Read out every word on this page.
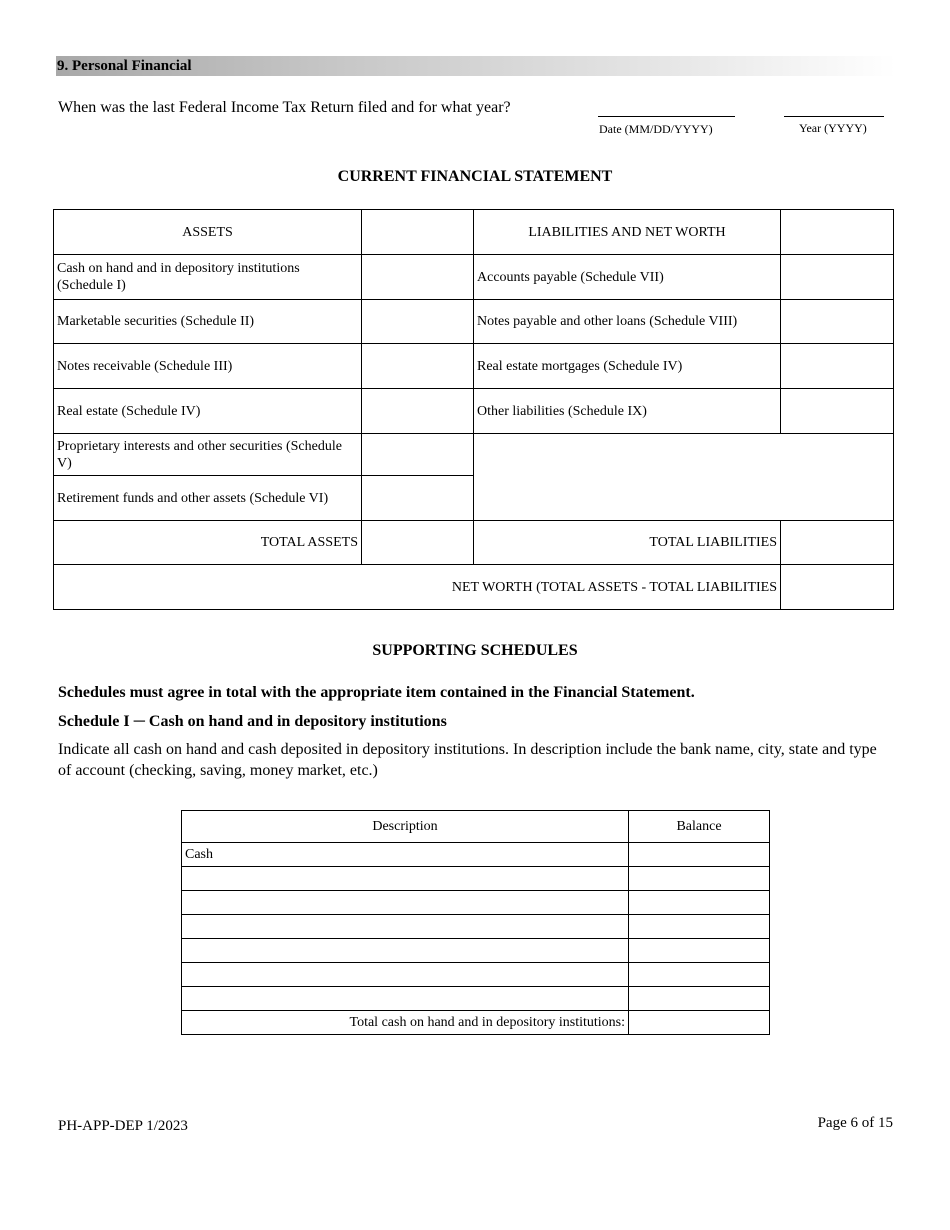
9. Personal Financial
When was the last Federal Income Tax Return filed and for what year?
Date (MM/DD/YYYY)	Year (YYYY)
CURRENT FINANCIAL STATEMENT
ASSETS		LIABILITIES AND NET WORTH	
Cash on hand and in depository institutions (Schedule I)		Accounts payable (Schedule VII)	
Marketable securities (Schedule II)		Notes payable and other loans (Schedule VIII)	
Notes receivable (Schedule III)		Real estate mortgages (Schedule IV)	
Real estate (Schedule IV)		Other liabilities (Schedule IX)	
Proprietary interests and other securities (Schedule V)			
Retirement funds and other assets (Schedule VI)			
TOTAL ASSETS		TOTAL LIABILITIES	
NET WORTH (TOTAL ASSETS - TOTAL LIABILITIES			
SUPPORTING SCHEDULES
Schedules must agree in total with the appropriate item contained in the Financial Statement.
Schedule I ─ Cash on hand and in depository institutions
Indicate all cash on hand and cash deposited in depository institutions. In description include the bank name, city, state and type of account (checking, saving, money market, etc.)
Description	Balance
Cash	

Total cash on hand and in depository institutions:	
PH-APP-DEP 1/2023	Page 6 of 15
